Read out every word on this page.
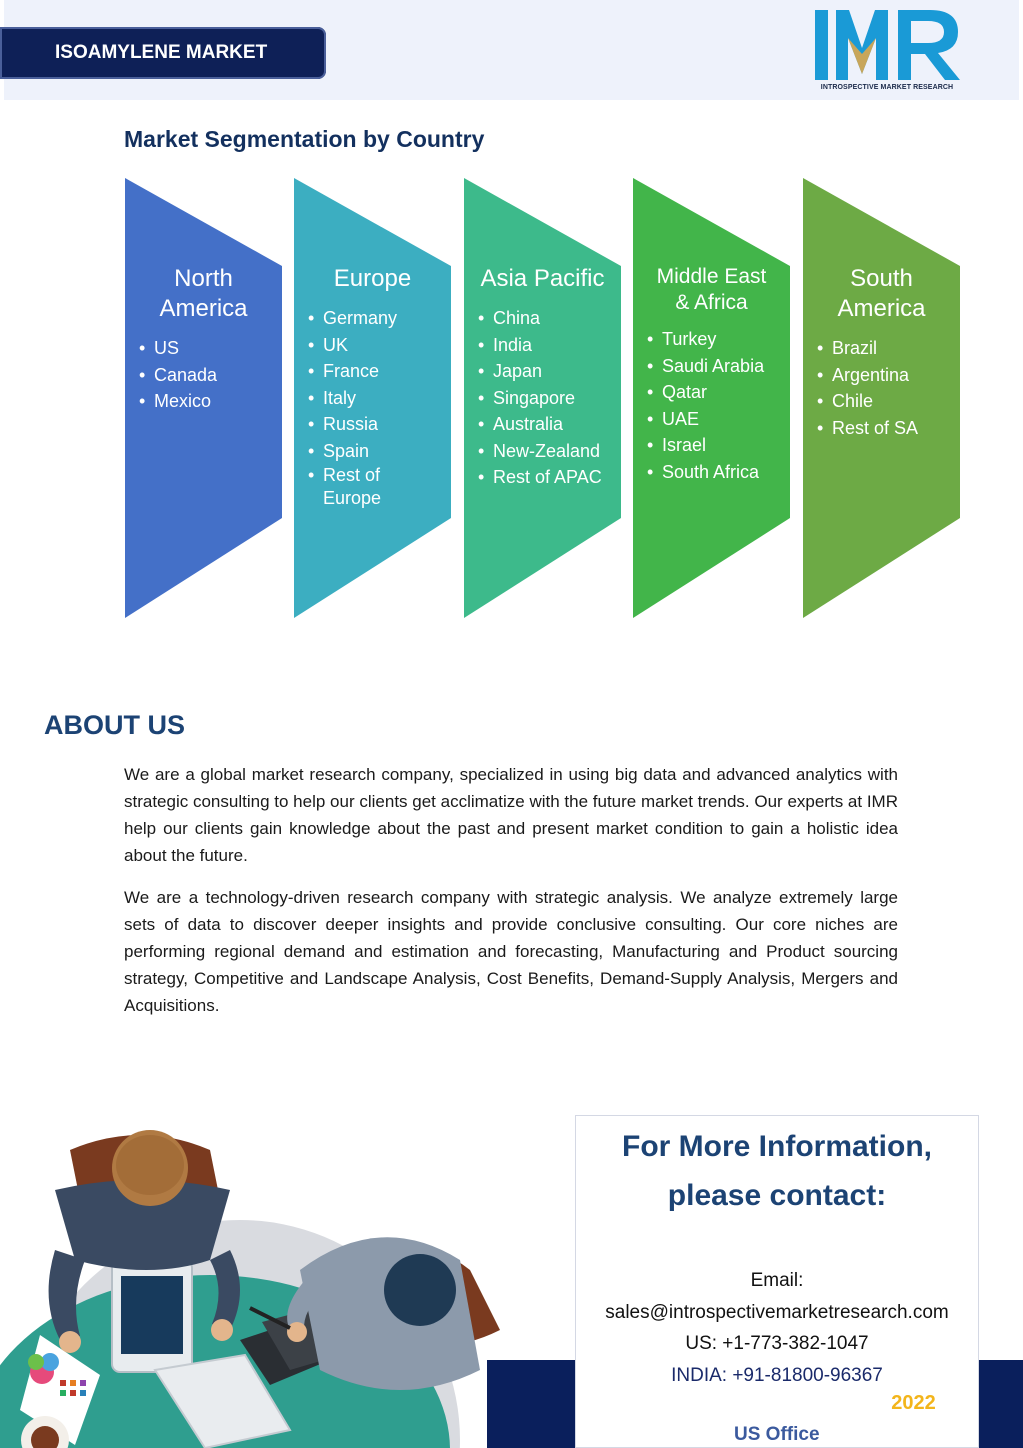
ISOAMYLENE MARKET
INTROSPECTIVE MARKET RESEARCH
Market Segmentation by Country
North
America
• US
• Canada
• Mexico
Europe
• Germany
• UK
• France
• Italy
• Russia
• Spain
• Rest of Europe
Asia Pacific
• China
• India
• Japan
• Singapore
• Australia
• New-Zealand
• Rest of APAC
Middle East
& Africa
• Turkey
• Saudi Arabia
• Qatar
• UAE
• Israel
• South Africa
South
America
• Brazil
• Argentina
• Chile
• Rest of SA
ABOUT US

We are a global market research company, specialized in using big data and advanced analytics with strategic consulting to help our clients get acclimatize with the future market trends. Our experts at IMR help our clients gain knowledge about the past and present market condition to gain a holistic idea about the future.

We are a technology-driven research company with strategic analysis. We analyze extremely large sets of data to discover deeper insights and provide conclusive consulting. Our core niches are performing regional demand and estimation and forecasting, Manufacturing and Product sourcing strategy, Competitive and Landscape Analysis, Cost Benefits, Demand-Supply Analysis, Mergers and Acquisitions.

For More Information,
please contact:
Email:
sales@introspectivemarketresearch.com
US: +1-773-382-1047
INDIA: +91-81800-96367
IMR 2022
US Office
